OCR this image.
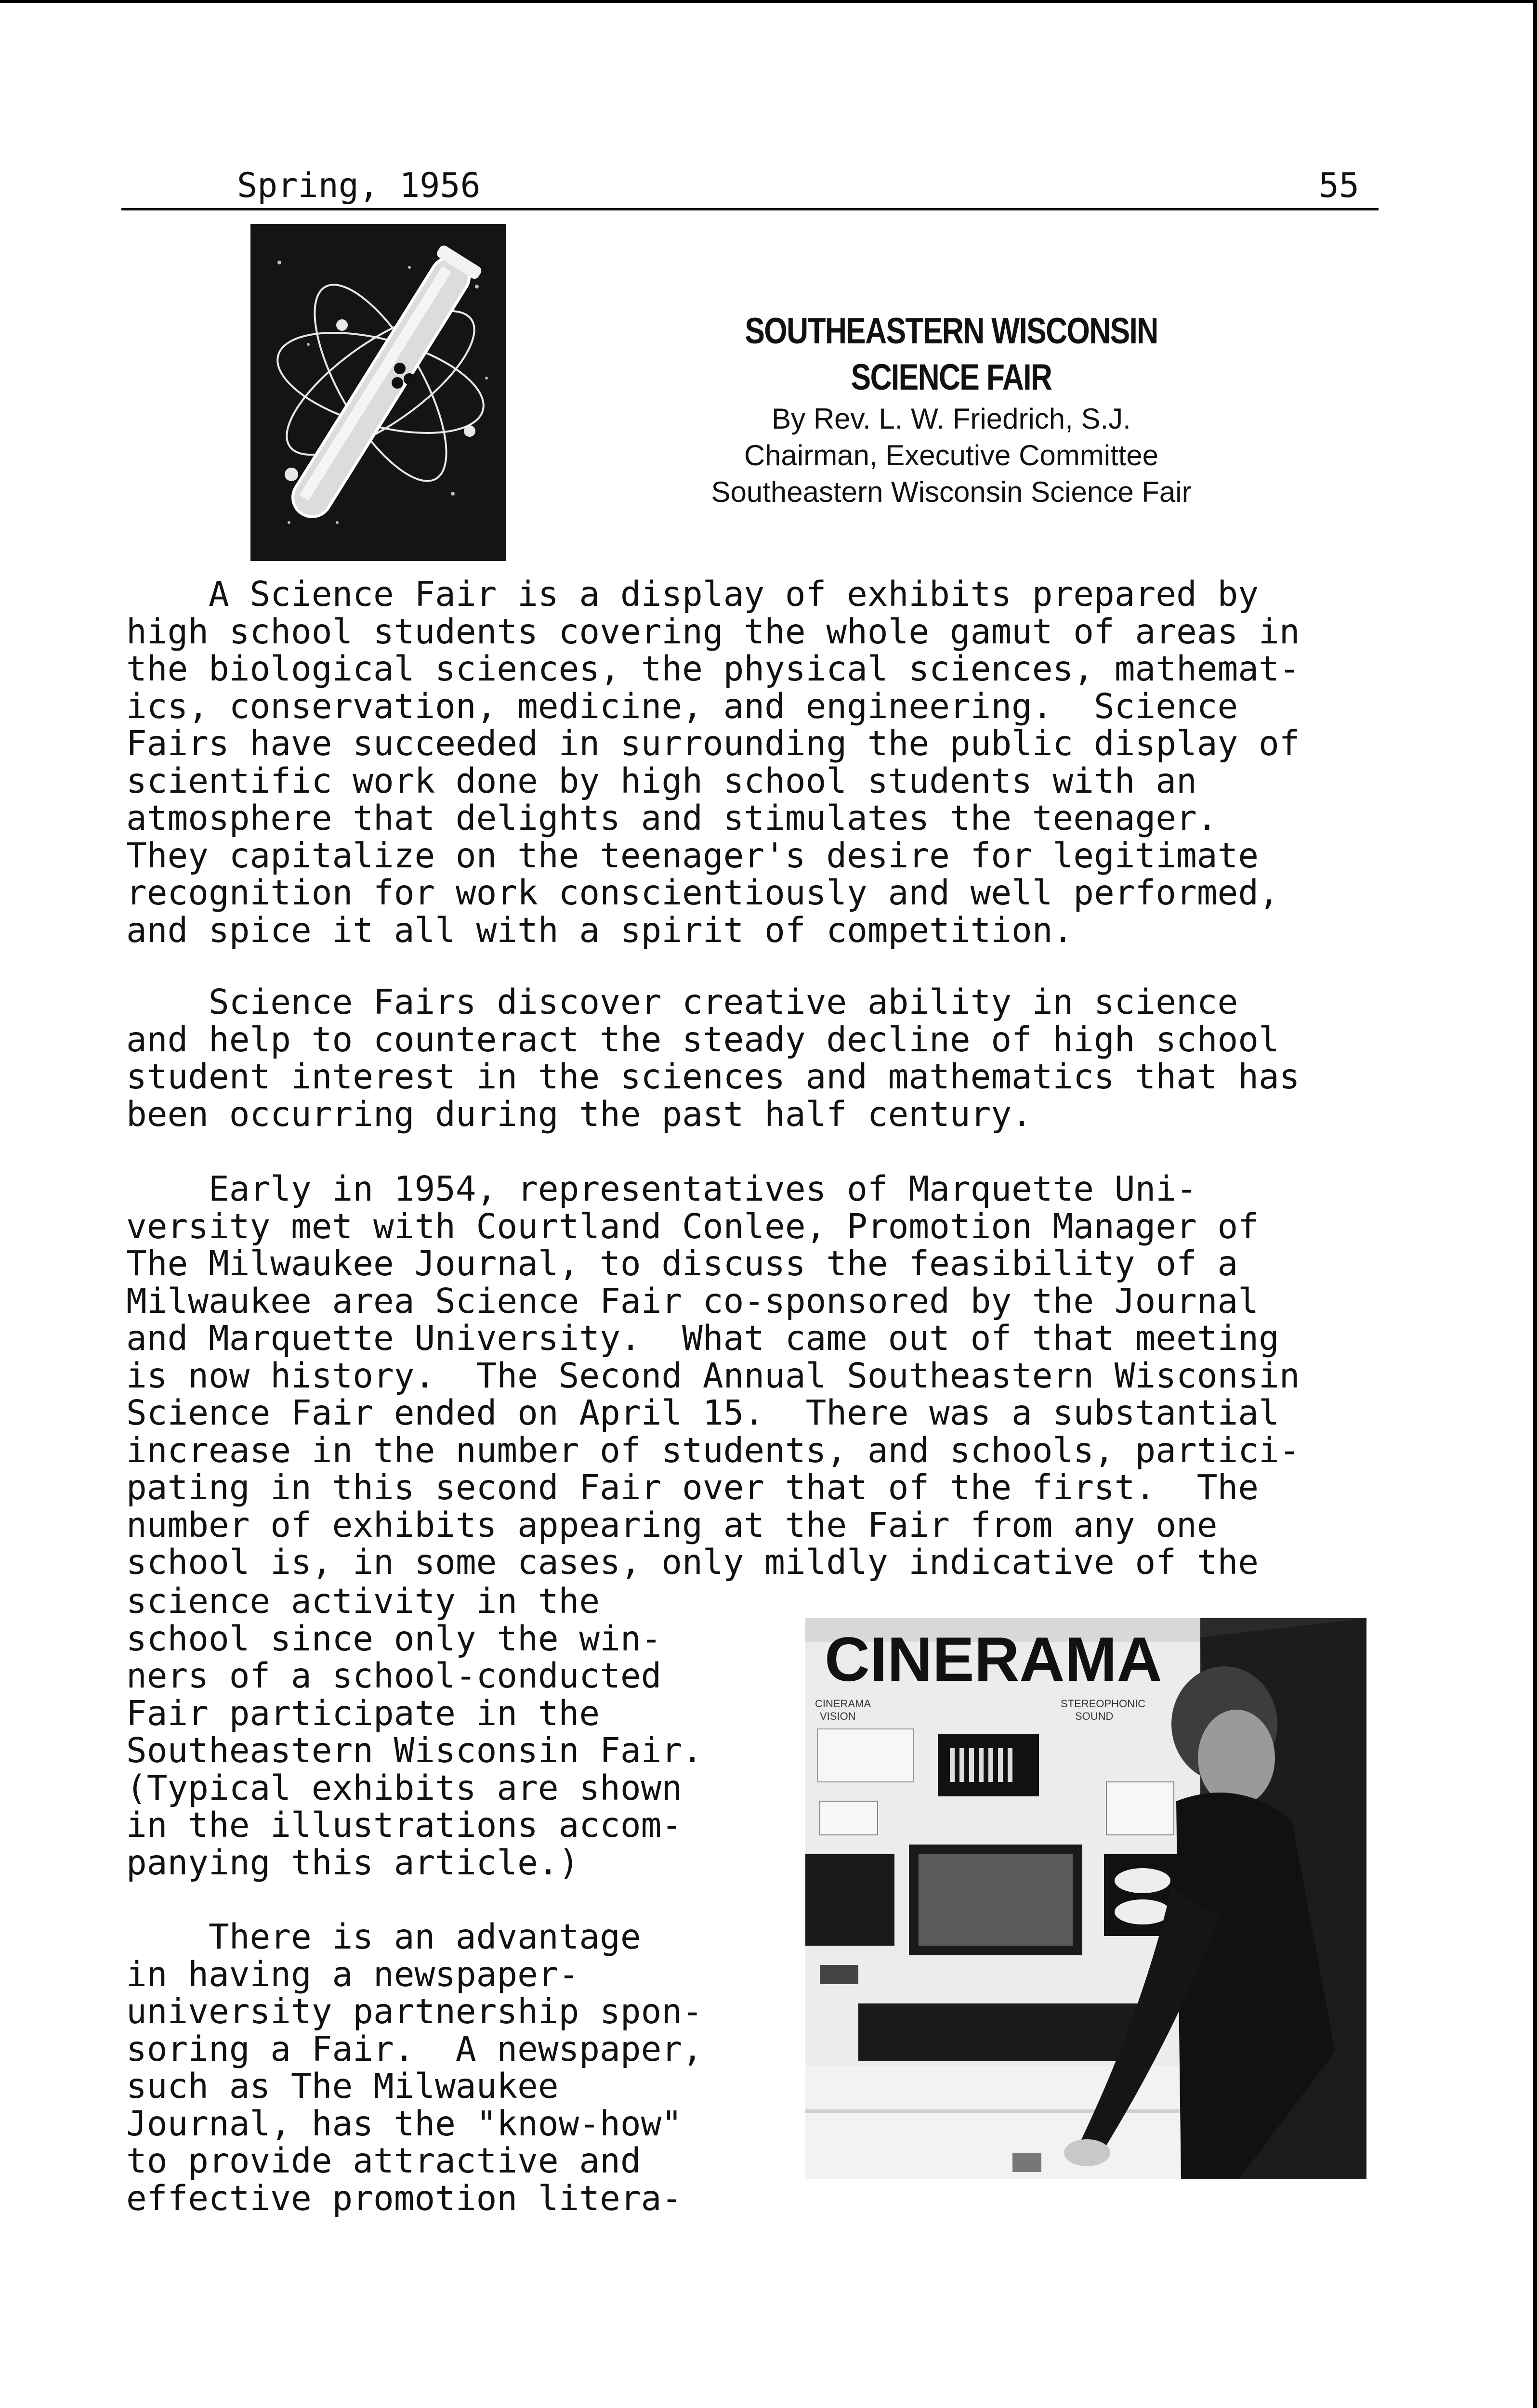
Spring, 1956	55
SOUTHEASTERN WISCONSIN SCIENCE FAIR
By Rev. L. W. Friedrich, S.J.
Chairman, Executive Committee
Southeastern Wisconsin Science Fair
A Science Fair is a display of exhibits prepared by
high school students covering the whole gamut of areas in
the biological sciences, the physical sciences, mathemat-
ics, conservation, medicine, and engineering.  Science
Fairs have succeeded in surrounding the public display of
scientific work done by high school students with an
atmosphere that delights and stimulates the teenager.
They capitalize on the teenager's desire for legitimate
recognition for work conscientiously and well performed,
and spice it all with a spirit of competition.
Science Fairs discover creative ability in science
and help to counteract the steady decline of high school
student interest in the sciences and mathematics that has
been occurring during the past half century.
Early in 1954, representatives of Marquette Uni-
versity met with Courtland Conlee, Promotion Manager of
The Milwaukee Journal, to discuss the feasibility of a
Milwaukee area Science Fair co-sponsored by the Journal
and Marquette University.  What came out of that meeting
is now history.  The Second Annual Southeastern Wisconsin
Science Fair ended on April 15.  There was a substantial
increase in the number of students, and schools, partici-
pating in this second Fair over that of the first.  The
number of exhibits appearing at the Fair from any one
school is, in some cases, only mildly indicative of the
science activity in the
school since only the win-
ners of a school-conducted
Fair participate in the
Southeastern Wisconsin Fair.
(Typical exhibits are shown
in the illustrations accom-
panying this article.)
There is an advantage
in having a newspaper-
university partnership spon-
soring a Fair.  A newspaper,
such as The Milwaukee
Journal, has the "know-how"
to provide attractive and
effective promotion litera-
CINERAMA
CINERAMA VISION
STEREOPHONIC SOUND
